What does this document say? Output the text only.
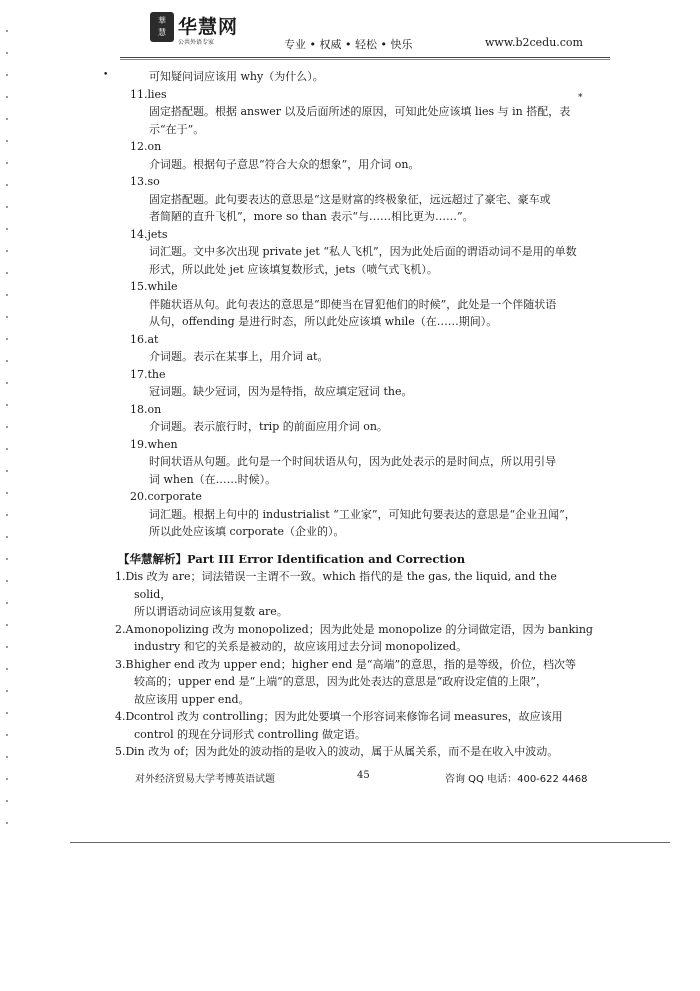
華
慧 华慧网
公共外语专家	专业 • 权威 • 轻松 • 快乐	www.b2cedu.com
•
*
可知疑问词应该用 why（为什么）。
11.lies
固定搭配题。根据 answer 以及后面所述的原因，可知此处应该填 lies 与 in 搭配，表
示“在于”。
12.on
介词题。根据句子意思“符合大众的想象”，用介词 on。
13.so
固定搭配题。此句要表达的意思是“这是财富的终极象征，远远超过了豪宅、豪车或
者简陋的直升飞机”，more so than 表示“与……相比更为……”。
14.jets
词汇题。文中多次出现 private jet “私人飞机”，因为此处后面的谓语动词不是用的单数
形式，所以此处 jet 应该填复数形式，jets（喷气式飞机）。
15.while
伴随状语从句。此句表达的意思是“即使当在冒犯他们的时候”，此处是一个伴随状语
从句，offending 是进行时态，所以此处应该填 while（在……期间）。
16.at
介词题。表示在某事上，用介词 at。
17.the
冠词题。缺少冠词，因为是特指，故应填定冠词 the。
18.on
介词题。表示旅行时，trip 的前面应用介词 on。
19.when
时间状语从句题。此句是一个时间状语从句，因为此处表示的是时间点，所以用引导
词 when（在……时候）。
20.corporate
词汇题。根据上句中的 industrialist “工业家”，可知此句要表达的意思是“企业丑闻”，
所以此处应该填 corporate（企业的）。
【华慧解析】Part III Error Identification and Correction
1.D is 改为 are；词法错误一主谓不一致。which 指代的是 the gas, the liquid, and the solid，
所以谓语动词应该用复数 are。
2.A monopolizing 改为 monopolized；因为此处是 monopolize 的分词做定语，因为 banking
industry 和它的关系是被动的，故应该用过去分词 monopolized。
3.B higher end 改为 upper end；higher end 是“高端”的意思，指的是等级，价位，档次等
较高的；upper end 是“上端”的意思，因为此处表达的意思是“政府设定值的上限”，
故应该用 upper end。
4.D control 改为 controlling；因为此处要填一个形容词来修饰名词 measures，故应该用
control 的现在分词形式 controlling 做定语。
5.D in 改为 of；因为此处的波动指的是收入的波动，属于从属关系，而不是在收入中波动。
对外经济贸易大学考博英语试题	45	咨询 QQ 电话：400-622 4468
